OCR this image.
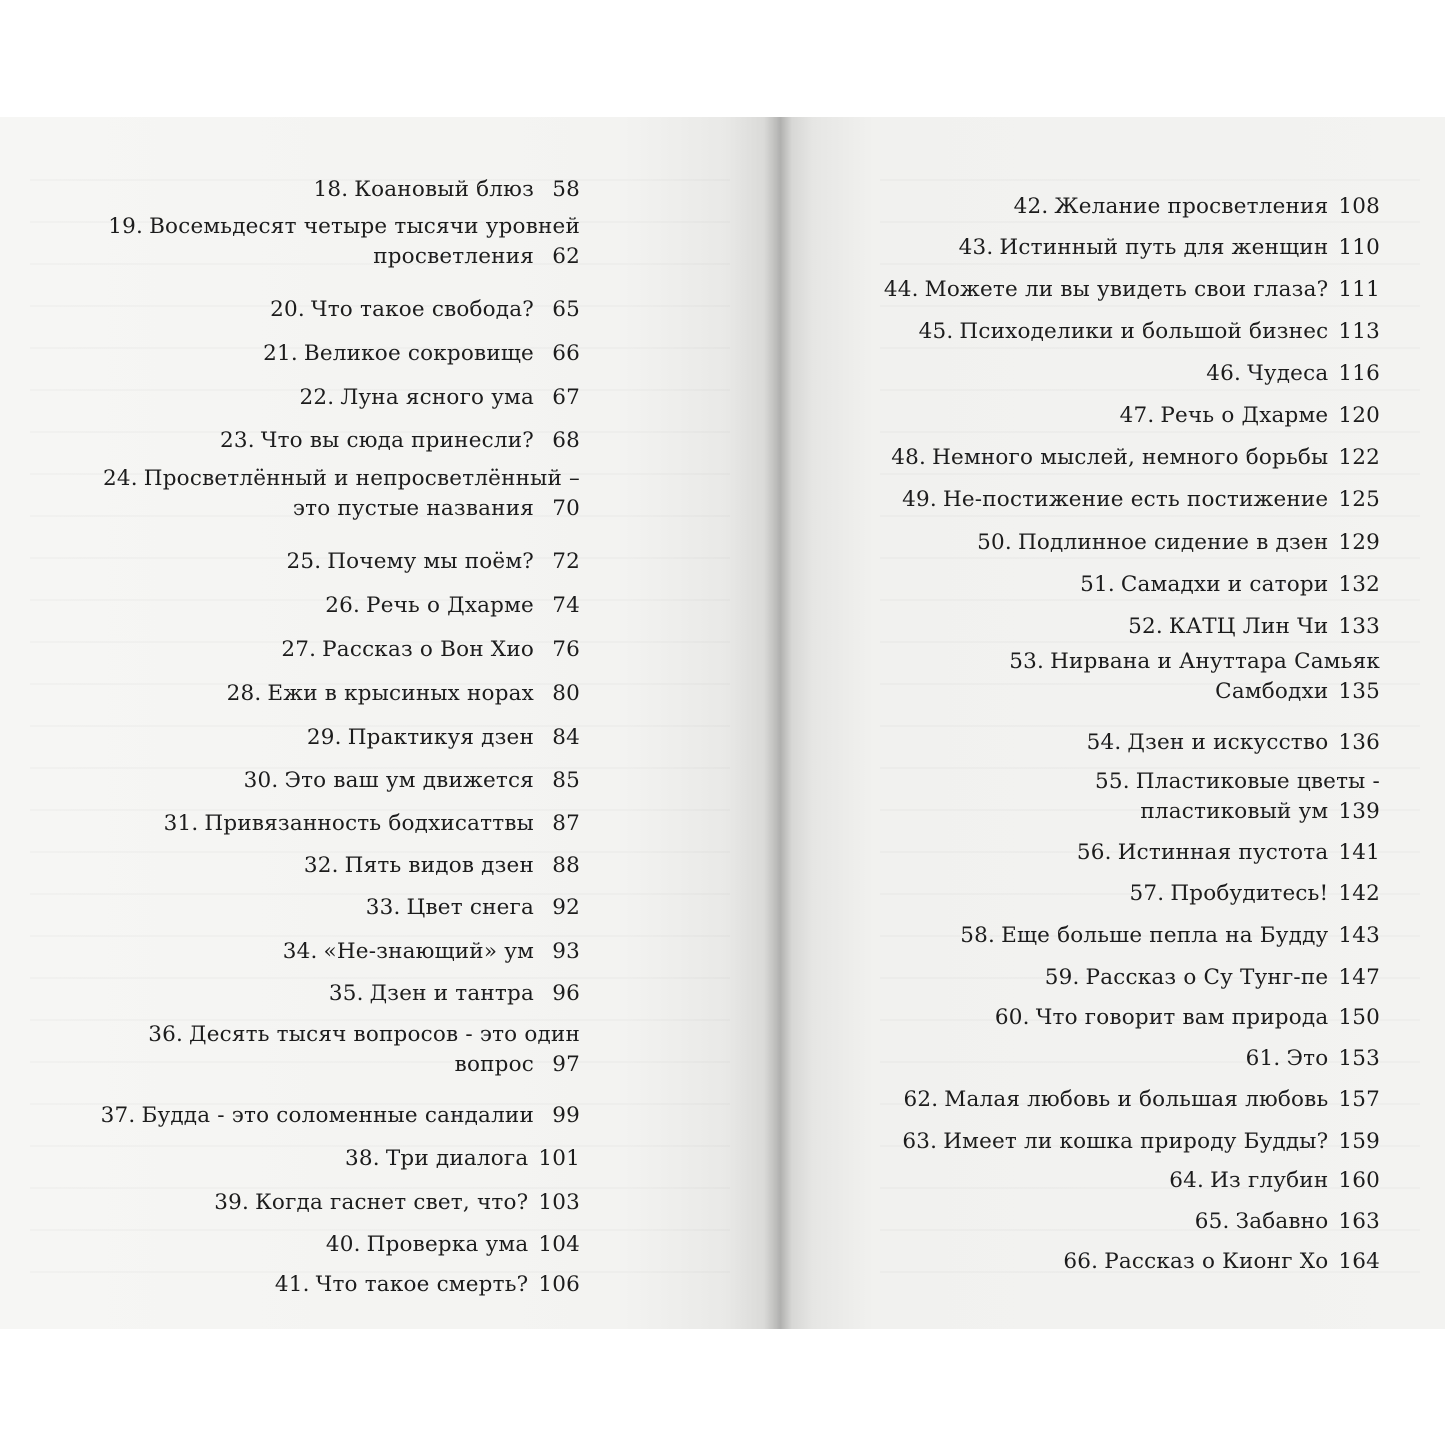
18. Коановый блюз 58
19. Восемьдесят четыре тысячи уровней
просветления 62
20. Что такое свобода? 65
21. Великое сокровище 66
22. Луна ясного ума 67
23. Что вы сюда принесли? 68
24. Просветлённый и непросветлённый –
это пустые названия 70
25. Почему мы поём? 72
26. Речь о Дхарме 74
27. Рассказ о Вон Хио 76
28. Ежи в крысиных норах 80
29. Практикуя дзен 84
30. Это ваш ум движется 85
31. Привязанность бодхисаттвы 87
32. Пять видов дзен 88
33. Цвет снега 92
34. «Не-знающий» ум 93
35. Дзен и тантра 96
36. Десять тысяч вопросов - это один
вопрос 97
37. Будда - это соломенные сандалии 99
38. Три диалога 101
39. Когда гаснет свет, что? 103
40. Проверка ума 104
41. Что такое смерть? 106
42. Желание просветления 108
43. Истинный путь для женщин 110
44. Можете ли вы увидеть свои глаза? 111
45. Психоделики и большой бизнес 113
46. Чудеса 116
47. Речь о Дхарме 120
48. Немного мыслей, немного борьбы 122
49. Не-постижение есть постижение 125
50. Подлинное сидение в дзен 129
51. Самадхи и сатори 132
52. КАТЦ Лин Чи 133
53. Нирвана и Ануттара Самьяк
Самбодхи 135
54. Дзен и искусство 136
55. Пластиковые цветы -
пластиковый ум 139
56. Истинная пустота 141
57. Пробудитесь! 142
58. Еще больше пепла на Будду 143
59. Рассказ о Су Тунг-пе 147
60. Что говорит вам природа 150
61. Это 153
62. Малая любовь и большая любовь 157
63. Имеет ли кошка природу Будды? 159
64. Из глубин 160
65. Забавно 163
66. Рассказ о Кионг Хо 164
